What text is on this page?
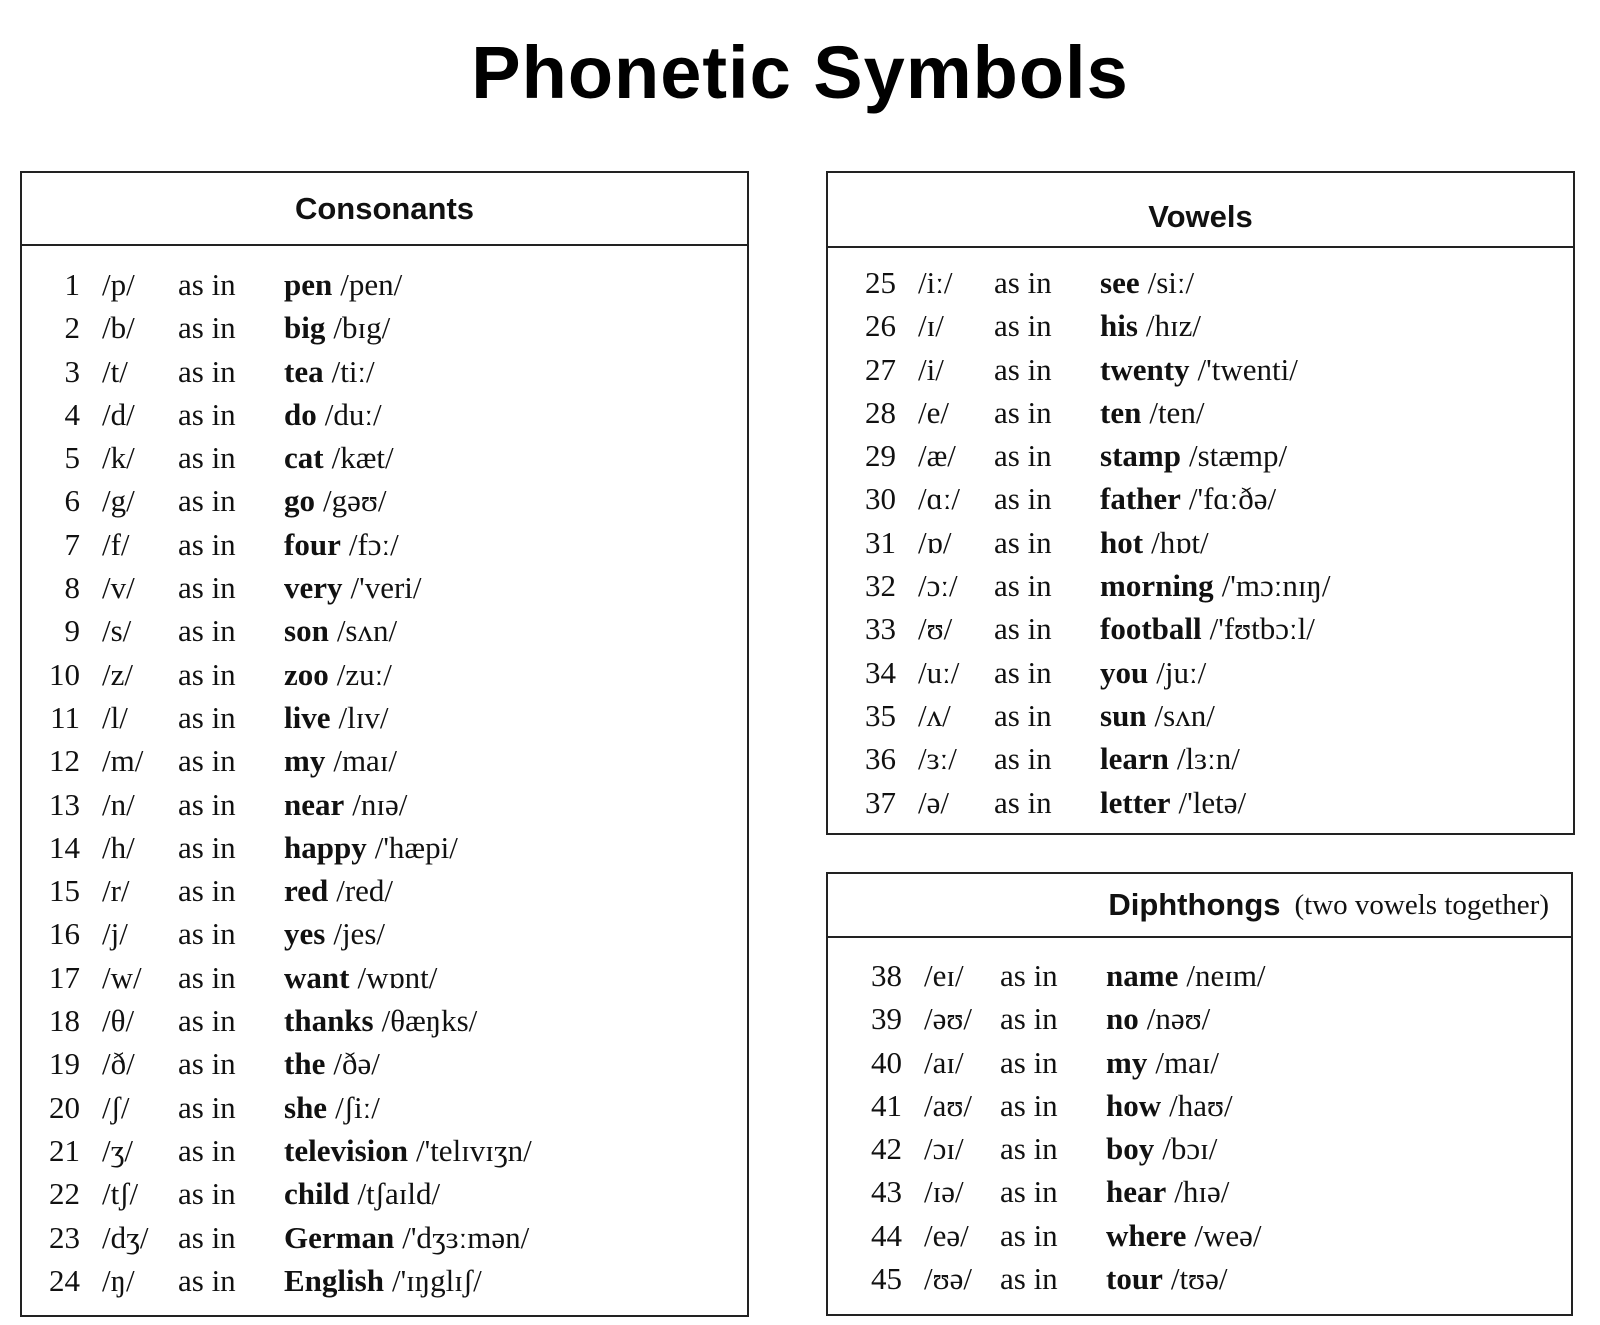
Phonetic Symbols
Consonants
1 /p/	as in	pen /pen/
2 /b/	as in	big /bɪg/
3 /t/	as in	tea /tiː/
4 /d/	as in	do /duː/
5 /k/	as in	cat /kæt/
6 /g/	as in	go /gəʊ/
7 /f/	as in	four /fɔː/
8 /v/	as in	very /'veri/
9 /s/	as in	son /sʌn/
10 /z/	as in	zoo /zuː/
11 /l/	as in	live /lɪv/
12 /m/	as in	my /maɪ/
13 /n/	as in	near /nɪə/
14 /h/	as in	happy /'hæpi/
15 /r/	as in	red /red/
16 /j/	as in	yes /jes/
17 /w/	as in	want /wɒnt/
18 /θ/	as in	thanks /θæŋks/
19 /ð/	as in	the /ðə/
20 /ʃ/	as in	she /ʃiː/
21 /ʒ/	as in	television /'telɪvɪʒn/
22 /tʃ/	as in	child /tʃaɪld/
23 /dʒ/ as in	German /'dʒɜːmən/
24 /ŋ/	as in	English /'ɪŋglɪʃ/
Vowels
25 /iː/	as in	see /siː/
26 /ɪ/	as in	his /hɪz/
27 /i/	as in	twenty /'twenti/
28 /e/	as in	ten /ten/
29 /æ/	as in	stamp /stæmp/
30 /ɑː/	as in	father /'fɑːðə/
31 /ɒ/	as in	hot /hɒt/
32 /ɔː/	as in	morning /'mɔːnɪŋ/
33 /ʊ/	as in	football /'fʊtbɔːl/
34 /uː/	as in	you /juː/
35 /ʌ/	as in	sun /sʌn/
36 /ɜː/	as in	learn /lɜːn/
37 /ə/	as in	letter /'letə/
Diphthongs (two vowels together)
38 /eɪ/	as in	name /neɪm/
39 /əʊ/ as in	no /nəʊ/
40 /aɪ/	as in	my /maɪ/
41 /aʊ/ as in	how /haʊ/
42 /ɔɪ/	as in	boy /bɔɪ/
43 /ɪə/	as in	hear /hɪə/
44 /eə/	as in	where /weə/
45 /ʊə/ as in	tour /tʊə/
